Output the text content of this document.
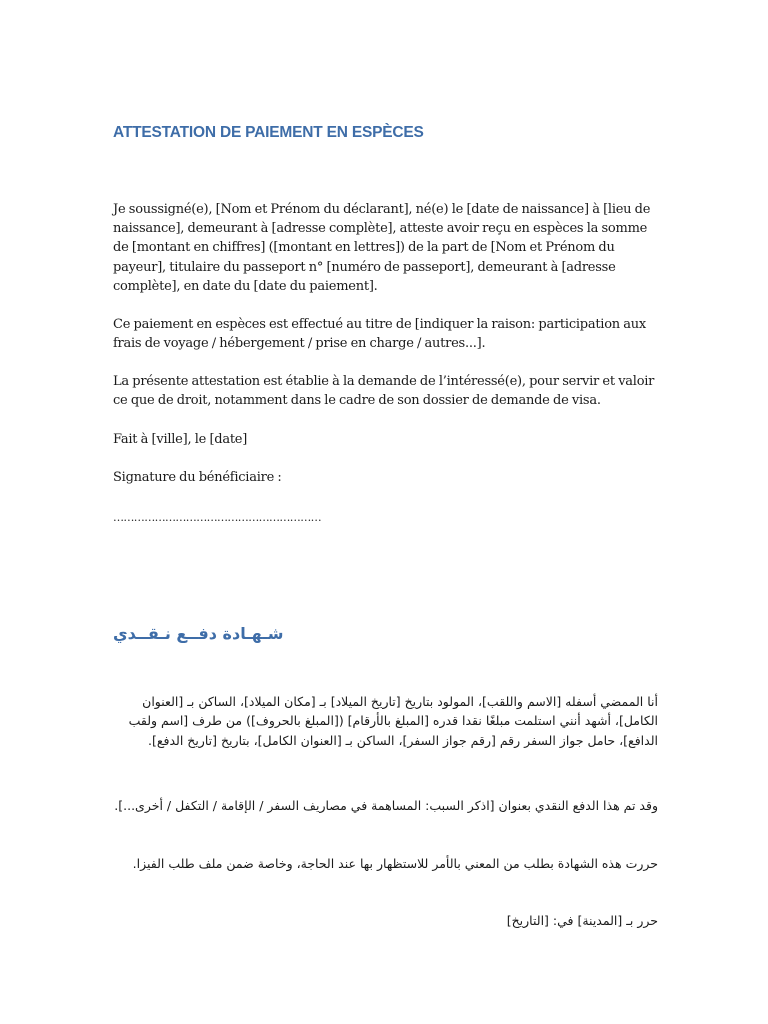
ATTESTATION DE PAIEMENT EN ESPÈCES

Je soussigné(e), [Nom et Prénom du déclarant], né(e) le [date de naissance] à [lieu de naissance], demeurant à [adresse complète], atteste avoir reçu en espèces la somme de [montant en chiffres] ([montant en lettres]) de la part de [Nom et Prénom du payeur], titulaire du passeport n° [numéro de passeport], demeurant à [adresse complète], en date du [date du paiement].

Ce paiement en espèces est effectué au titre de [indiquer la raison: participation aux frais de voyage / hébergement / prise en charge / autres...].

La présente attestation est établie à la demande de l’intéressé(e), pour servir et valoir ce que de droit, notamment dans le cadre de son dossier de demande de visa.

Fait à [ville], le [date]

Signature du bénéficiaire :

……………………………………………………

شـهـادة دفــع نـقــدي

أنا الممضي أسفله [الاسم واللقب]، المولود بتاريخ [تاريخ الميلاد] بـ [مكان الميلاد]، الساكن بـ [العنوان الكامل]، أشهد أنني استلمت مبلغًا نقدا قدره [المبلغ بالأرقام] ([المبلغ بالحروف]) من طرف [اسم ولقب الدافع]، حامل جواز السفر رقم [رقم جواز السفر]، الساكن بـ [العنوان الكامل]، بتاريخ [تاريخ الدفع].

وقد تم هذا الدفع النقدي بعنوان [اذكر السبب: المساهمة في مصاريف السفر / الإقامة / التكفل / أخرى...].

حررت هذه الشهادة بطلب من المعني بالأمر للاستظهار بها عند الحاجة، وخاصة ضمن ملف طلب الفيزا.

حرر بـ [المدينة] في: [التاريخ]
